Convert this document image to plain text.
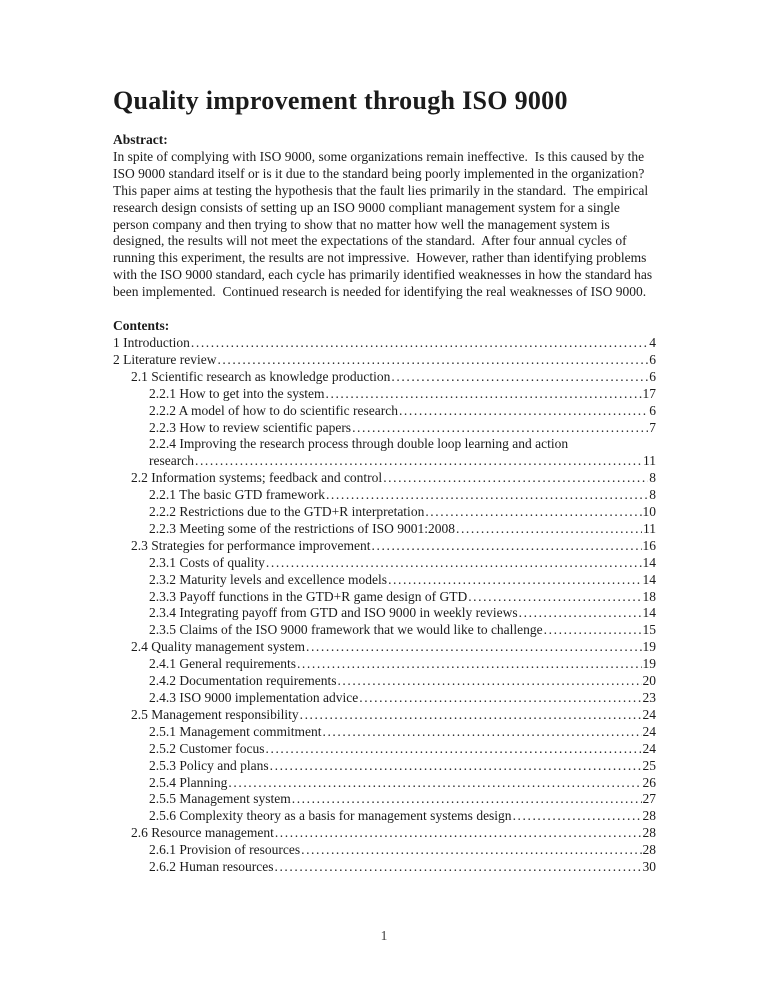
Quality improvement through ISO 9000
Abstract:

In spite of complying with ISO 9000, some organizations remain ineffective.  Is this caused by the ISO 9000 standard itself or is it due to the standard being poorly implemented in the organization?  This paper aims at testing the hypothesis that the fault lies primarily in the standard.  The empirical research design consists of setting up an ISO 9000 compliant management system for a single person company and then trying to show that no matter how well the management system is designed, the results will not meet the expectations of the standard.  After four annual cycles of running this experiment, the results are not impressive.  However, rather than identifying problems with the ISO 9000 standard, each cycle has primarily identified weaknesses in how the standard has been implemented.  Continued research is needed for identifying the real weaknesses of ISO 9000.

Contents:
1 Introduction .....	4
2 Literature review .....	6
2.1 Scientific research as knowledge production .....	6
2.2.1 How to get into the system .....	17
2.2.2 A model of how to do scientific research .....	6
2.2.3 How to review scientific papers .....	7
2.2.4 Improving the research process through double loop learning and action
research .....	11
2.2 Information systems; feedback and control .....	8
2.2.1 The basic GTD framework .....	8
2.2.2 Restrictions due to the GTD+R interpretation .....	10
2.2.3 Meeting some of the restrictions of ISO 9001:2008 .....	11
2.3 Strategies for performance improvement .....	16
2.3.1 Costs of quality .....	14
2.3.2 Maturity levels and excellence models .....	14
2.3.3 Payoff functions in the GTD+R game design of GTD .....	18
2.3.4 Integrating payoff from GTD and ISO 9000 in weekly reviews .....	14
2.3.5 Claims of the ISO 9000 framework that we would like to challenge .....	15
2.4 Quality management system .....	19
2.4.1 General requirements .....	19
2.4.2 Documentation requirements .....	20
2.4.3 ISO 9000 implementation advice .....	23
2.5 Management responsibility .....	24
2.5.1 Management commitment .....	24
2.5.2 Customer focus .....	24
2.5.3 Policy and plans .....	25
2.5.4 Planning .....	26
2.5.5 Management system .....	27
2.5.6 Complexity theory as a basis for management systems design .....	28
2.6 Resource management .....	28
2.6.1 Provision of resources .....	28
2.6.2 Human resources .....	30
1
